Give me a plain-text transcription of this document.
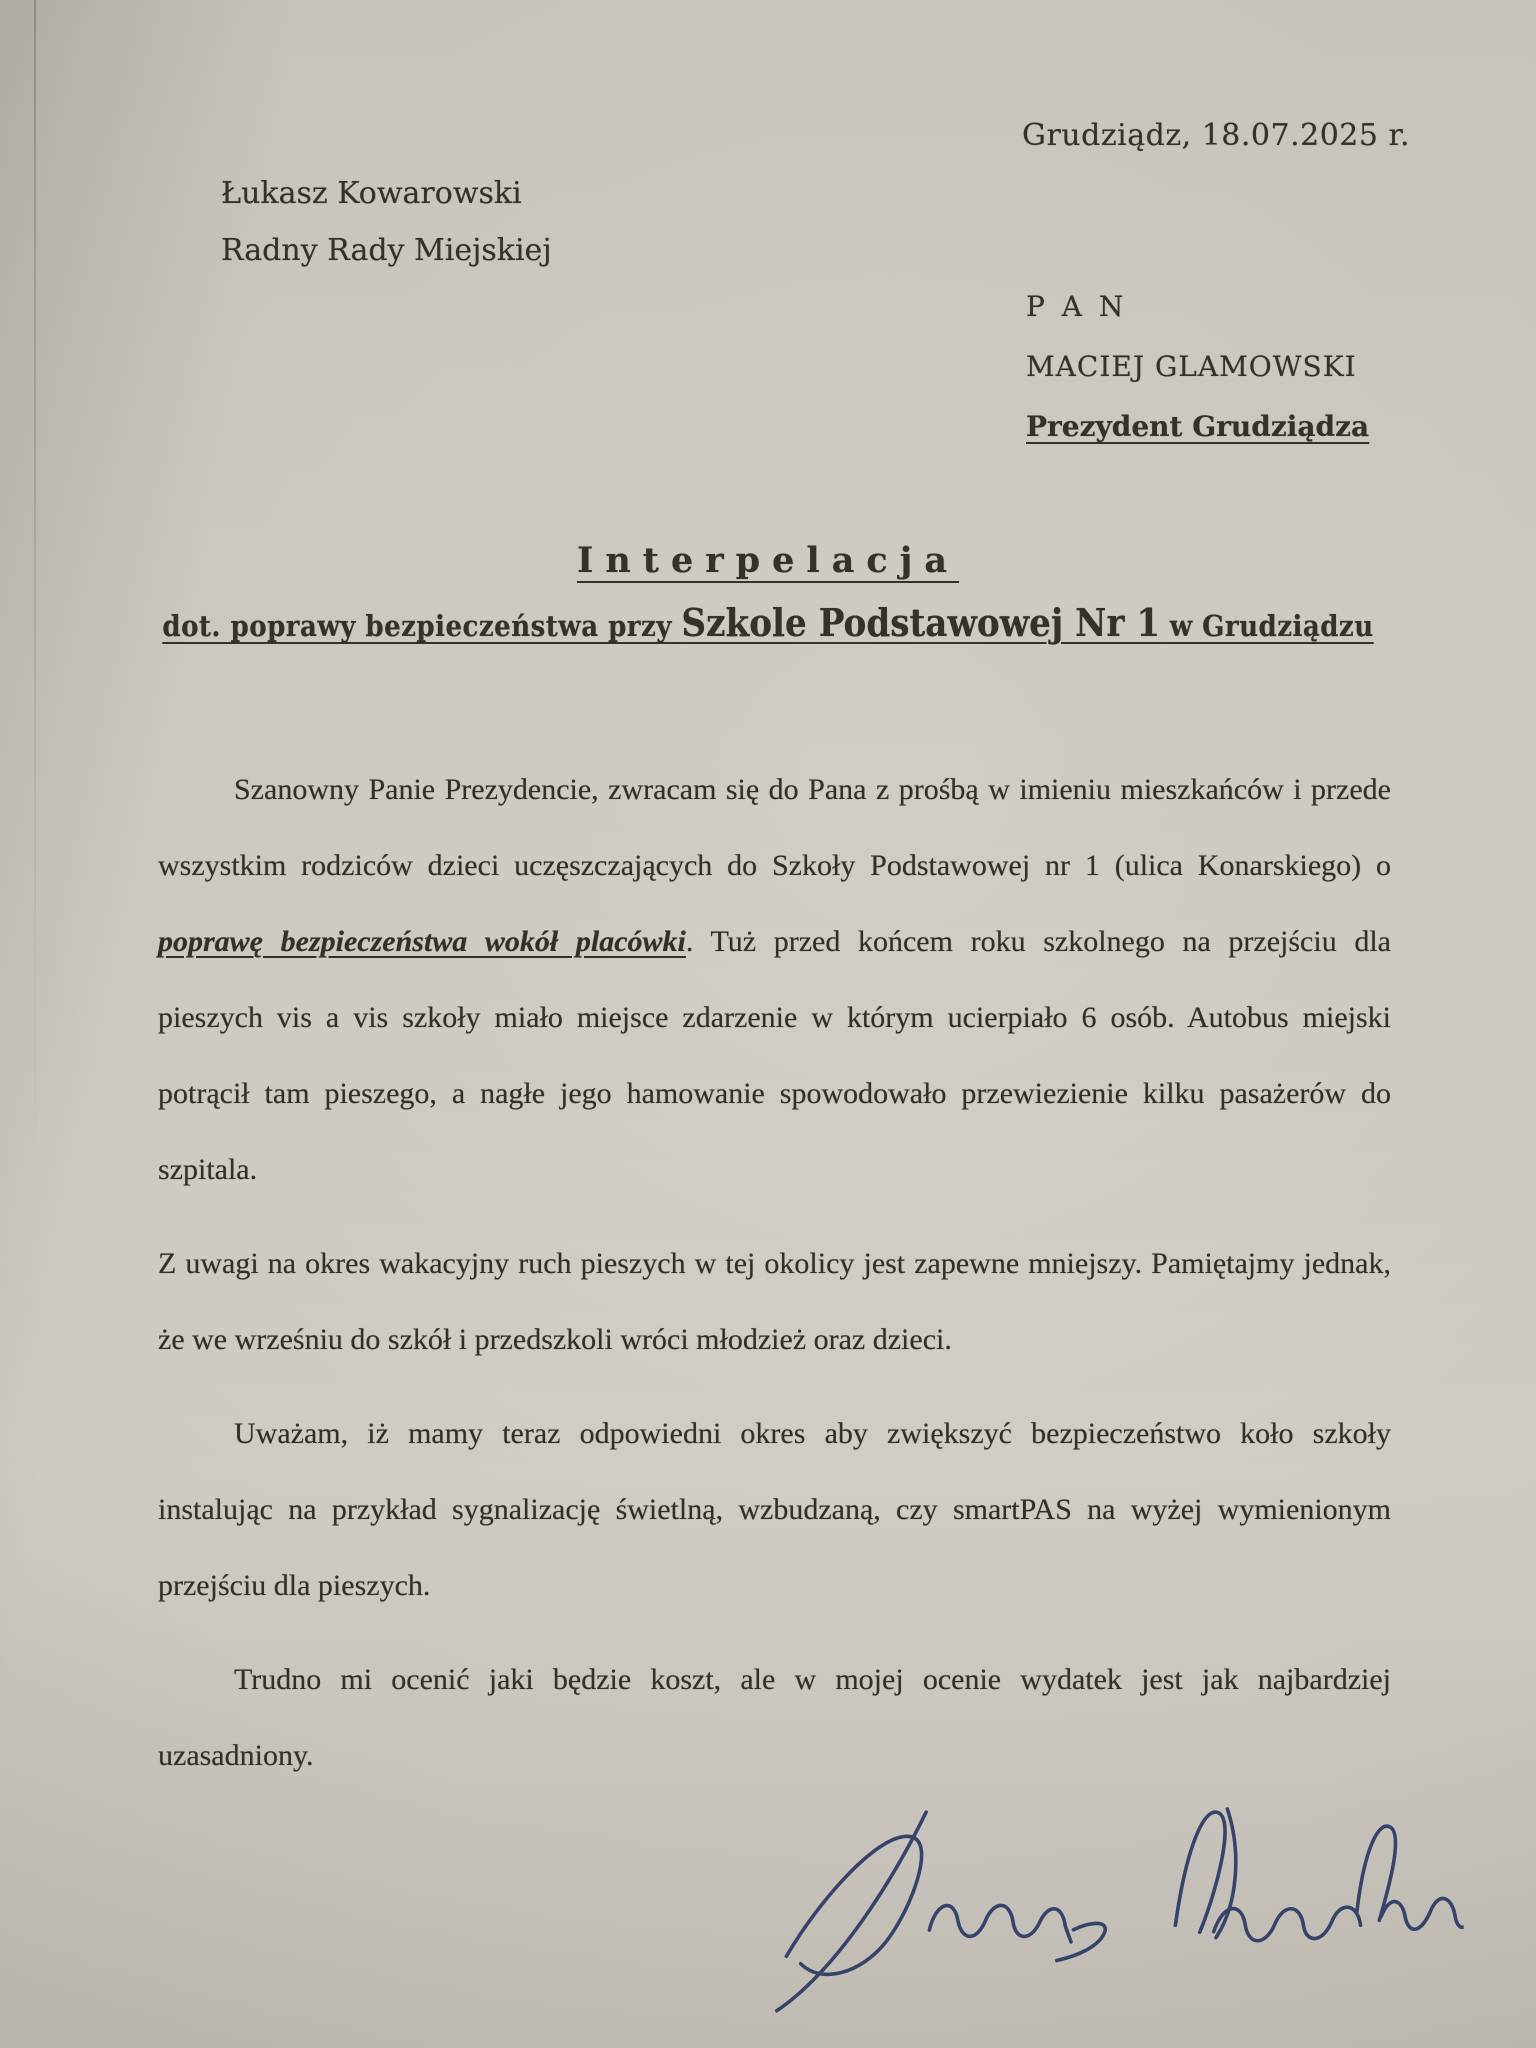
Grudziądz, 18.07.2025 r.
Łukasz Kowarowski
Radny Rady Miejskiej
P A N
MACIEJ GLAMOWSKI
Prezydent Grudziądza
Interpelacja
dot. poprawy bezpieczeństwa przy Szkole Podstawowej Nr 1 w Grudziądzu

Szanowny Panie Prezydencie, zwracam się do Pana z prośbą w imieniu mieszkańców i przede wszystkim rodziców dzieci uczęszczających do Szkoły Podstawowej nr 1 (ulica Konarskiego) o poprawę bezpieczeństwa wokół placówki. Tuż przed końcem roku szkolnego na przejściu dla pieszych vis a vis szkoły miało miejsce zdarzenie w którym ucierpiało 6 osób. Autobus miejski potrącił tam pieszego, a nagłe jego hamowanie spowodowało przewiezienie kilku pasażerów do szpitala.

Z uwagi na okres wakacyjny ruch pieszych w tej okolicy jest zapewne mniejszy. Pamiętajmy jednak, że we wrześniu do szkół i przedszkoli wróci młodzież oraz dzieci.

Uważam, iż mamy teraz odpowiedni okres aby zwiększyć bezpieczeństwo koło szkoły instalując na przykład sygnalizację świetlną, wzbudzaną, czy smartPAS na wyżej wymienionym przejściu dla pieszych.

Trudno mi ocenić jaki będzie koszt, ale w mojej ocenie wydatek jest jak najbardziej uzasadniony.
